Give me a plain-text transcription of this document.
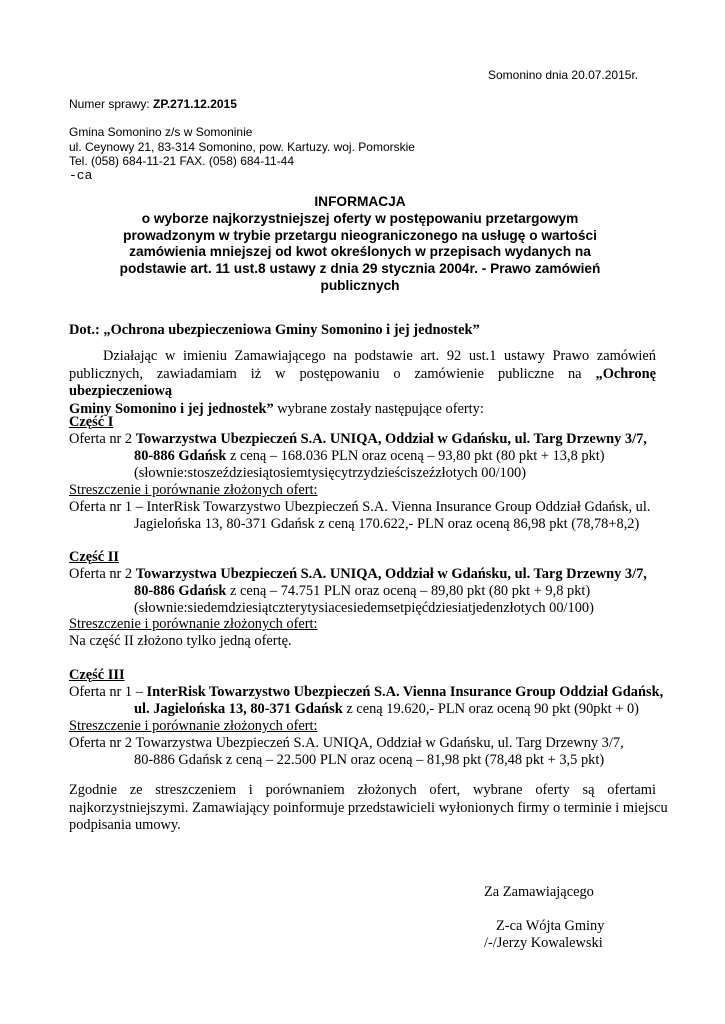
Somonino dnia 20.07.2015r.
Numer sprawy: ZP.271.12.2015
Gmina Somonino z/s w Somoninie
ul. Ceynowy 21, 83-314 Somonino, pow. Kartuzy. woj. Pomorskie
Tel. (058) 684-11-21 FAX. (058) 684-11-44
-ca
INFORMACJA
o wyborze najkorzystniejszej oferty w postępowaniu przetargowym
prowadzonym w trybie przetargu nieograniczonego na usługę o wartości
zamówienia mniejszej od kwot określonych w przepisach wydanych na
podstawie art. 11 ust.8 ustawy z dnia 29 stycznia 2004r. - Prawo zamówień
publicznych
Dot.: „Ochrona ubezpieczeniowa Gminy Somonino i jej jednostek”
Działając w imieniu Zamawiającego na podstawie art. 92 ust.1 ustawy Prawo zamówień
publicznych, zawiadamiam iż w postępowaniu o zamówienie publiczne na „Ochronę ubezpieczeniową
Gminy Somonino i jej jednostek” wybrane zostały następujące oferty:
Część I
Oferta nr 2 Towarzystwa Ubezpieczeń S.A. UNIQA, Oddział w Gdańsku, ul. Targ Drzewny 3/7,
80-886 Gdańsk z ceną – 168.036 PLN oraz oceną – 93,80 pkt (80 pkt + 13,8 pkt)
(słownie:stoszeździesiątosiemtysięcytrzydzieściszeźzłotych 00/100)
Streszczenie i porównanie złożonych ofert:
Oferta nr 1 – InterRisk Towarzystwo Ubezpieczeń S.A. Vienna Insurance Group Oddział Gdańsk, ul.
Jagielońska 13, 80-371 Gdańsk z ceną 170.622,- PLN oraz oceną 86,98 pkt (78,78+8,2)
Część II
Oferta nr 2 Towarzystwa Ubezpieczeń S.A. UNIQA, Oddział w Gdańsku, ul. Targ Drzewny 3/7,
80-886 Gdańsk z ceną – 74.751 PLN oraz oceną – 89,80 pkt (80 pkt + 9,8 pkt)
(słownie:siedemdziesiątczterytysiacesiedemsetpięćdziesiatjedenzłotych 00/100)
Streszczenie i porównanie złożonych ofert:
Na część II złożono tylko jedną ofertę.
Część III
Oferta nr 1 – InterRisk Towarzystwo Ubezpieczeń S.A. Vienna Insurance Group Oddział Gdańsk,
ul. Jagielońska 13, 80-371 Gdańsk z ceną 19.620,- PLN oraz oceną 90 pkt (90pkt + 0)
Streszczenie i porównanie złożonych ofert:
Oferta nr 2 Towarzystwa Ubezpieczeń S.A. UNIQA, Oddział w Gdańsku, ul. Targ Drzewny 3/7,
80-886 Gdańsk z ceną – 22.500 PLN oraz oceną – 81,98 pkt (78,48 pkt + 3,5 pkt)
Zgodnie ze streszczeniem i porównaniem złożonych ofert, wybrane oferty są ofertami
najkorzystniejszymi. Zamawiający poinformuje przedstawicieli wyłonionych firmy o terminie i miejscu
podpisania umowy.
Za Zamawiającego
Z-ca Wójta Gminy
/-/Jerzy Kowalewski
